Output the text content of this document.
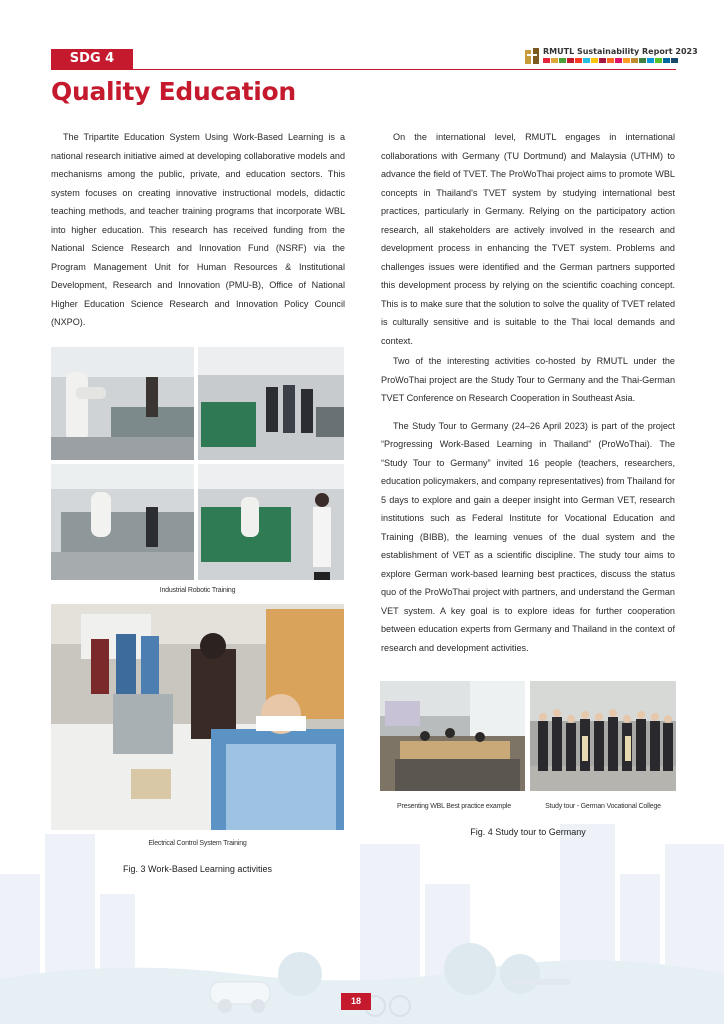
SDG 4	RMUTL Sustainability Report 2023
Quality Education

The Tripartite Education System Using Work-Based Learning is a national research initiative aimed at developing collaborative models and mechanisms among the public, private, and education sectors. This system focuses on creating innovative instructional models, didactic teaching methods, and teacher training programs that incorporate WBL into higher education. This research has received funding from the National Science Research and Innovation Fund (NSRF) via the Program Management Unit for Human Resources & Institutional Development, Research and Innovation (PMU-B), Office of National Higher Education Science Research and Innovation Policy Council (NXPO).

On the international level, RMUTL engages in international collaborations with Germany (TU Dortmund) and Malaysia (UTHM) to advance the field of TVET. The ProWoThai project aims to promote WBL concepts in Thailand's TVET system by studying international best practices, particularly in Germany. Relying on the participatory action research, all stakeholders are actively involved in the research and development process in enhancing the TVET system. Problems and challenges issues were identified and the German partners supported this development process by relying on the scientific coaching concept. This is to make sure that the solution to solve the quality of TVET related is culturally sensitive and is suitable to the Thai local demands and context.

Two of the interesting activities co-hosted by RMUTL under the ProWoThai project are the Study Tour to Germany and the Thai-German TVET Conference on Research Cooperation in Southeast Asia.

The Study Tour to Germany (24–26 April 2023) is part of the project “Progressing Work-Based Learning in Thailand” (ProWoThai). The “Study Tour to Germany” invited 16 people (teachers, researchers, education policymakers, and company representatives) from Thailand for 5 days to explore and gain a deeper insight into German VET, research institutions such as Federal Institute for Vocational Education and Training (BIBB), the learning venues of the dual system and the establishment of VET as a scientific discipline. The study tour aims to explore German work-based learning best practices, discuss the status quo of the ProWoThai project with partners, and understand the German VET system. A key goal is to explore ideas for further cooperation between education experts from Germany and Thailand in the context of research and development activities.

Industrial Robotic Training
Electrical Control System Training
Fig. 3 Work-Based Learning activities
Presenting WBL Best practice example	Study tour - German Vocational College
Fig. 4 Study tour to Germany
18
